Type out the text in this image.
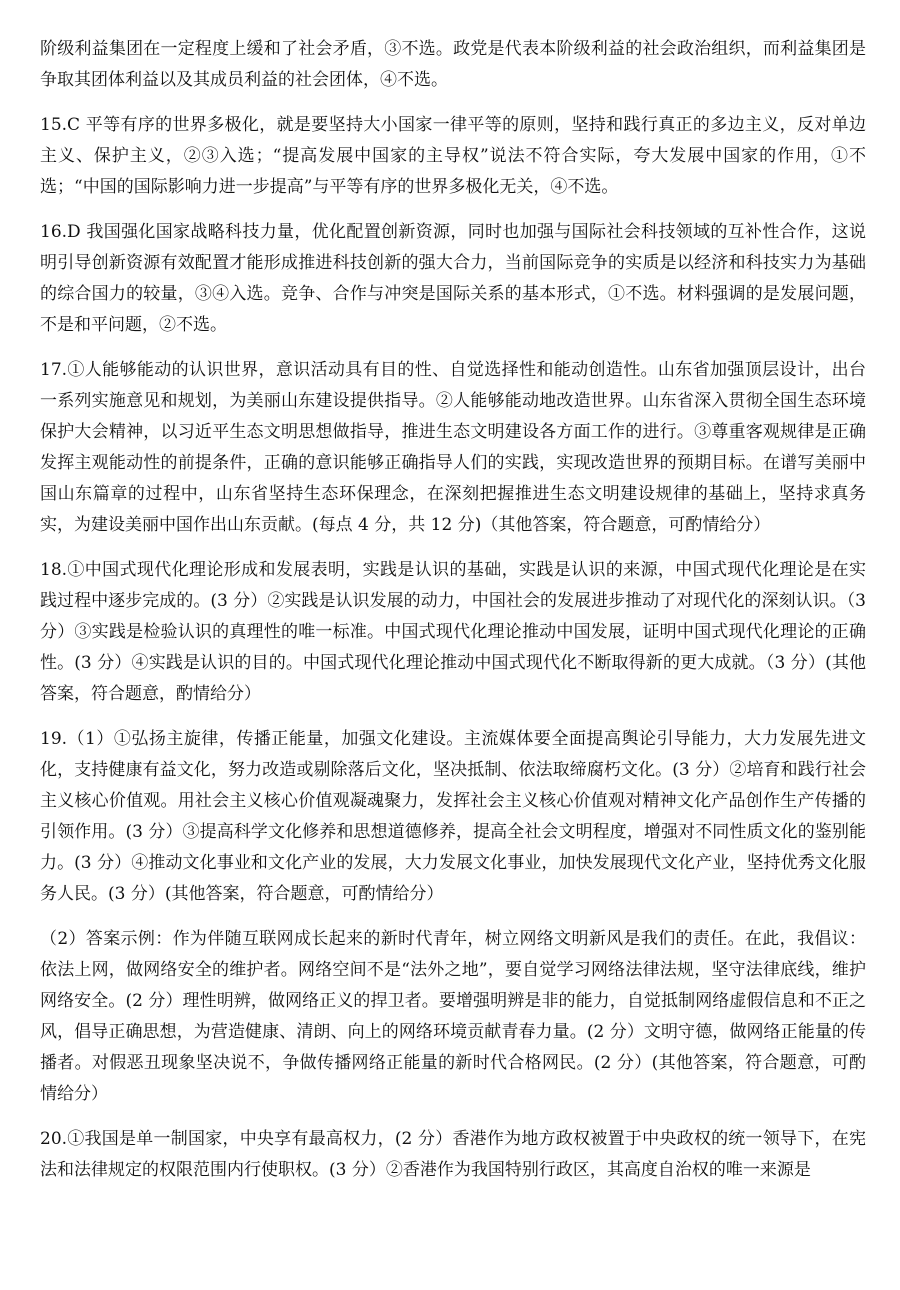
阶级利益集团在一定程度上缓和了社会矛盾，③不选。政党是代表本阶级利益的社会政治组织，而利益集团是争取其团体利益以及其成员利益的社会团体，④不选。

15.C 平等有序的世界多极化，就是要坚持大小国家一律平等的原则，坚持和践行真正的多边主义，反对单边主义、保护主义，②③入选；“提高发展中国家的主导权”说法不符合实际，夸大发展中国家的作用，①不选；“中国的国际影响力进一步提高”与平等有序的世界多极化无关，④不选。

16.D 我国强化国家战略科技力量，优化配置创新资源，同时也加强与国际社会科技领域的互补性合作，这说明引导创新资源有效配置才能形成推进科技创新的强大合力，当前国际竞争的实质是以经济和科技实力为基础的综合国力的较量，③④入选。竞争、合作与冲突是国际关系的基本形式，①不选。材料强调的是发展问题，不是和平问题，②不选。

17.①人能够能动的认识世界，意识活动具有目的性、自觉选择性和能动创造性。山东省加强顶层设计，出台一系列实施意见和规划，为美丽山东建设提供指导。②人能够能动地改造世界。山东省深入贯彻全国生态环境保护大会精神，以习近平生态文明思想做指导，推进生态文明建设各方面工作的进行。③尊重客观规律是正确发挥主观能动性的前提条件，正确的意识能够正确指导人们的实践，实现改造世界的预期目标。在谱写美丽中国山东篇章的过程中，山东省坚持生态环保理念，在深刻把握推进生态文明建设规律的基础上，坚持求真务实，为建设美丽中国作出山东贡献。(每点 4 分，共 12 分)（其他答案，符合题意，可酌情给分）

18.①中国式现代化理论形成和发展表明，实践是认识的基础，实践是认识的来源，中国式现代化理论是在实践过程中逐步完成的。(3 分）②实践是认识发展的动力，中国社会的发展进步推动了对现代化的深刻认识。（3 分）③实践是检验认识的真理性的唯一标准。中国式现代化理论推动中国发展，证明中国式现代化理论的正确性。(3 分）④实践是认识的目的。中国式现代化理论推动中国式现代化不断取得新的更大成就。（3 分）(其他答案，符合题意，酌情给分）

19.（1）①弘扬主旋律，传播正能量，加强文化建设。主流媒体要全面提高舆论引导能力，大力发展先进文化，支持健康有益文化，努力改造或剔除落后文化，坚决抵制、依法取缔腐朽文化。(3 分）②培育和践行社会主义核心价值观。用社会主义核心价值观凝魂聚力，发挥社会主义核心价值观对精神文化产品创作生产传播的引领作用。(3 分）③提高科学文化修养和思想道德修养，提高全社会文明程度，增强对不同性质文化的鉴别能力。(3 分）④推动文化事业和文化产业的发展，大力发展文化事业，加快发展现代文化产业，坚持优秀文化服务人民。(3 分）(其他答案，符合题意，可酌情给分）

（2）答案示例：作为伴随互联网成长起来的新时代青年，树立网络文明新风是我们的责任。在此，我倡议：依法上网，做网络安全的维护者。网络空间不是“法外之地”，要自觉学习网络法律法规，坚守法律底线，维护网络安全。(2 分）理性明辨，做网络正义的捍卫者。要增强明辨是非的能力，自觉抵制网络虚假信息和不正之风，倡导正确思想，为营造健康、清朗、向上的网络环境贡献青春力量。(2 分）文明守德，做网络正能量的传播者。对假恶丑现象坚决说不，争做传播网络正能量的新时代合格网民。(2 分）(其他答案，符合题意，可酌情给分）

20.①我国是单一制国家，中央享有最高权力，(2 分）香港作为地方政权被置于中央政权的统一领导下，在宪法和法律规定的权限范围内行使职权。(3 分）②香港作为我国特别行政区，其高度自治权的唯一来源是
